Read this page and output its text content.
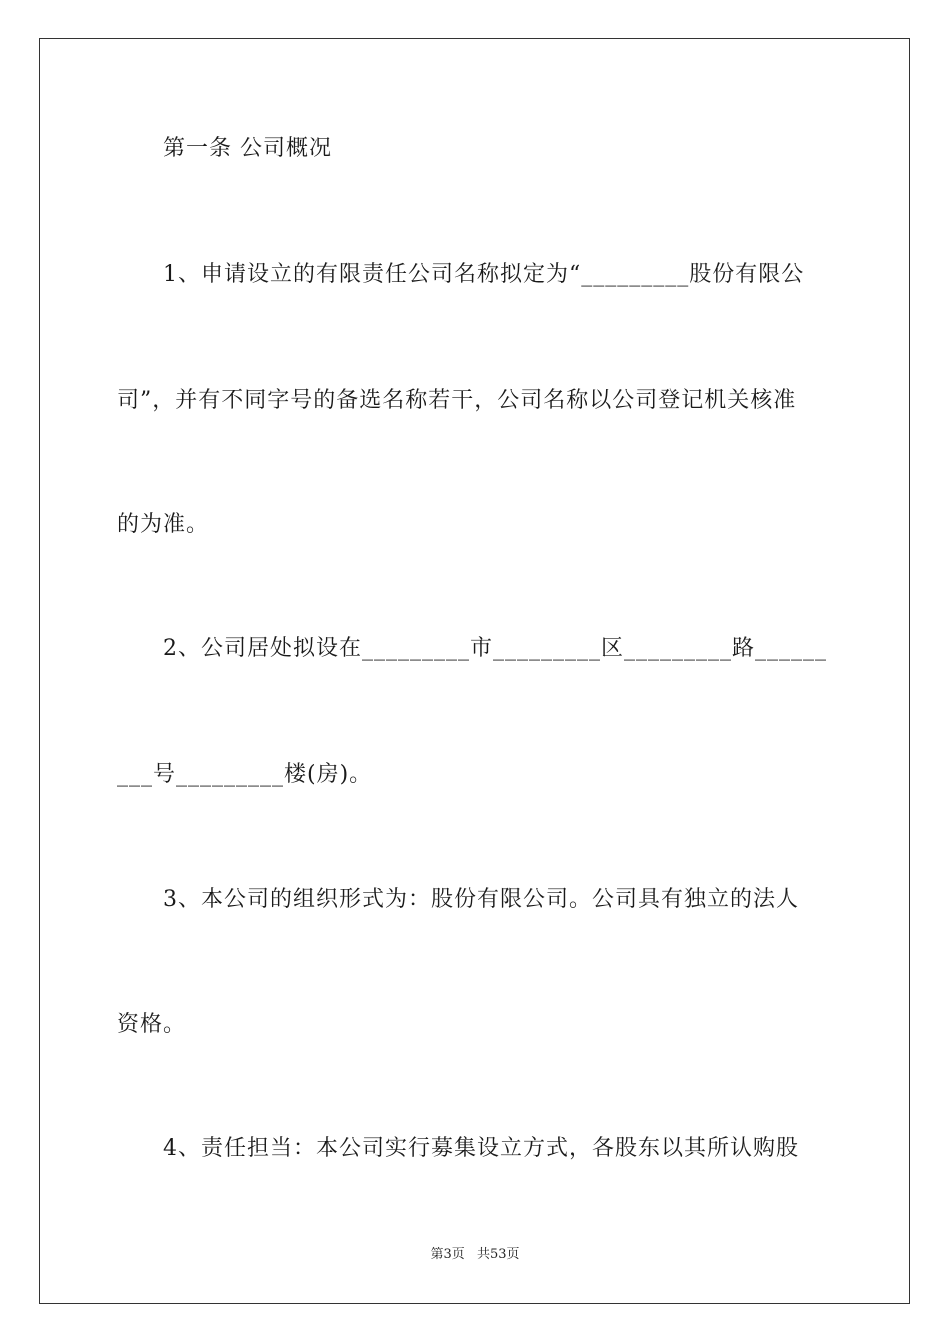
第一条 公司概况
1、申请设立的有限责任公司名称拟定为“_________股份有限公
司”，并有不同字号的备选名称若干，公司名称以公司登记机关核准
的为准。
2、公司居处拟设在_________市_________区_________路______
___号_________楼(房)。
3、本公司的组织形式为：股份有限公司。公司具有独立的法人
资格。
4、责任担当：本公司实行募集设立方式，各股东以其所认购股
第3页 共53页
